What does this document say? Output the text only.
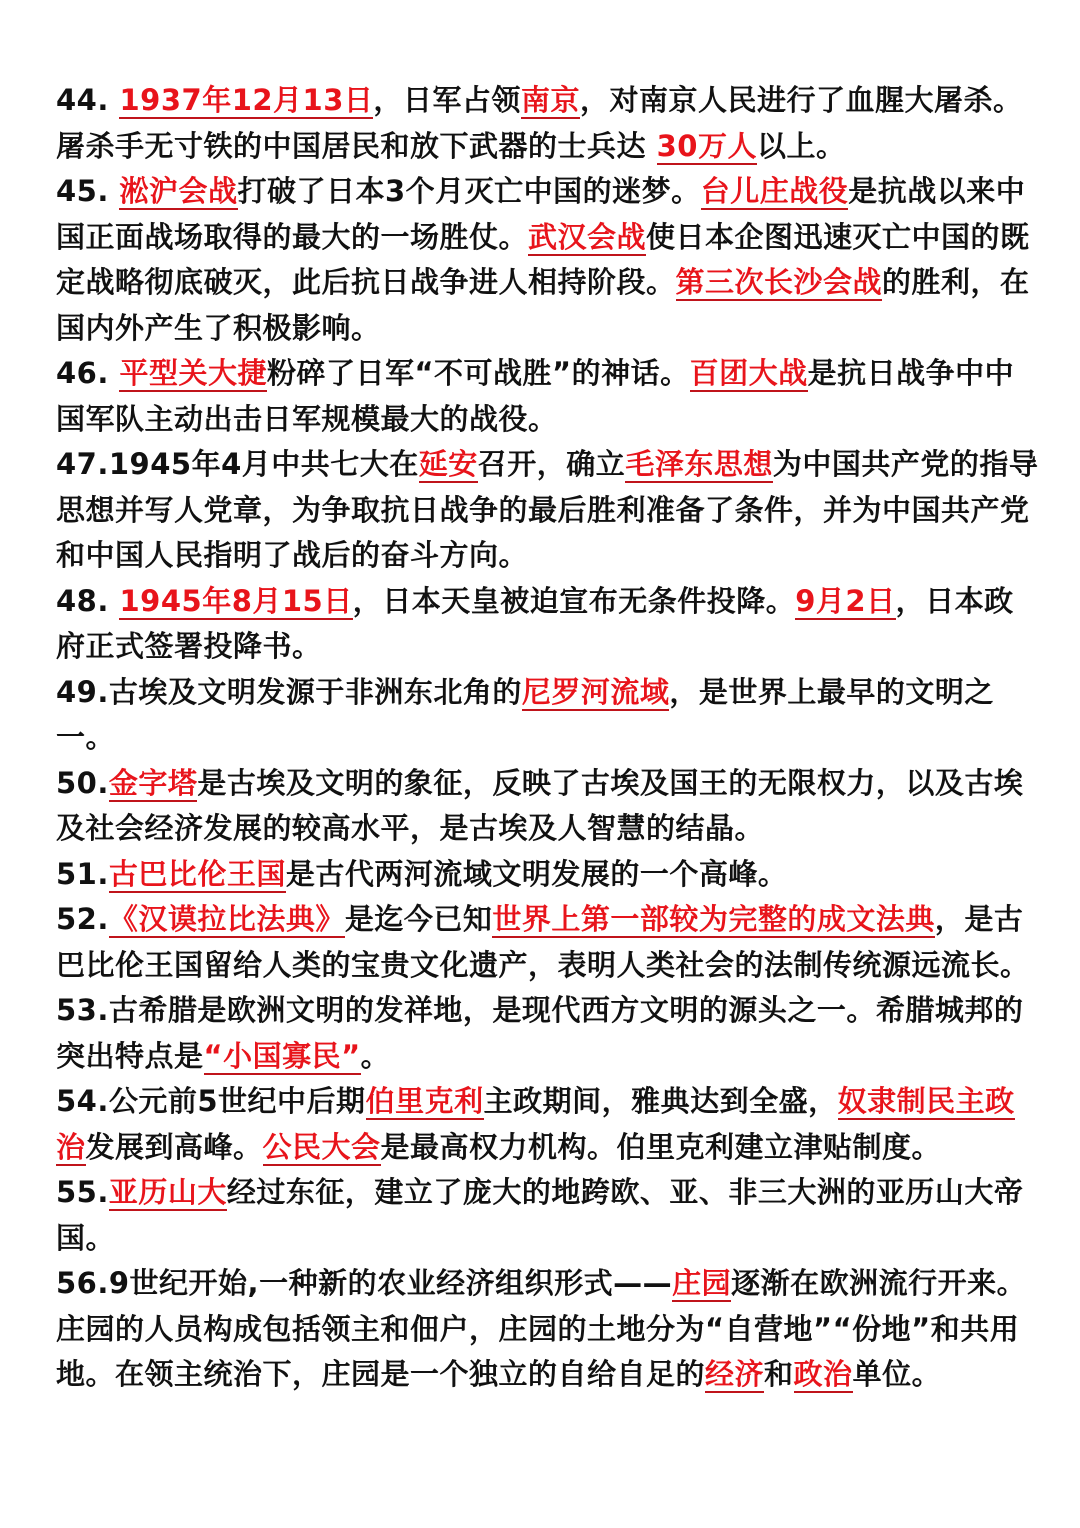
44. 1937年12月13日，日军占领南京，对南京人民进行了血腥大屠杀。屠杀手无寸铁的中国居民和放下武器的士兵达 30万人以上。

45. 淞沪会战打破了日本3个月灭亡中国的迷梦。台儿庄战役是抗战以来中国正面战场取得的最大的一场胜仗。武汉会战使日本企图迅速灭亡中国的既定战略彻底破灭，此后抗日战争进人相持阶段。第三次长沙会战的胜利，在国内外产生了积极影响。

46. 平型关大捷粉碎了日军“不可战胜”的神话。百团大战是抗日战争中中国军队主动出击日军规模最大的战役。

47.1945年4月中共七大在延安召开，确立毛泽东思想为中国共产党的指导思想并写人党章，为争取抗日战争的最后胜利准备了条件，并为中国共产党和中国人民指明了战后的奋斗方向。

48. 1945年8月15日，日本天皇被迫宣布无条件投降。9月2日，日本政府正式签署投降书。

49.古埃及文明发源于非洲东北角的尼罗河流域，是世界上最早的文明之一。

50.金字塔是古埃及文明的象征，反映了古埃及国王的无限权力，以及古埃及社会经济发展的较高水平，是古埃及人智慧的结晶。

51.古巴比伦王国是古代两河流域文明发展的一个高峰。

52.《汉谟拉比法典》是迄今已知世界上第一部较为完整的成文法典，是古巴比伦王国留给人类的宝贵文化遗产，表明人类社会的法制传统源远流长。

53.古希腊是欧洲文明的发祥地，是现代西方文明的源头之一。希腊城邦的突出特点是“小国寡民”。

54.公元前5世纪中后期伯里克利主政期间，雅典达到全盛，奴隶制民主政治发展到高峰。公民大会是最高权力机构。伯里克利建立津贴制度。

55.亚历山大经过东征，建立了庞大的地跨欧、亚、非三大洲的亚历山大帝国。

56.9世纪开始,一种新的农业经济组织形式——庄园逐渐在欧洲流行开来。庄园的人员构成包括领主和佃户，庄园的土地分为“自营地”“份地”和共用地。在领主统治下，庄园是一个独立的自给自足的经济和政治单位。
